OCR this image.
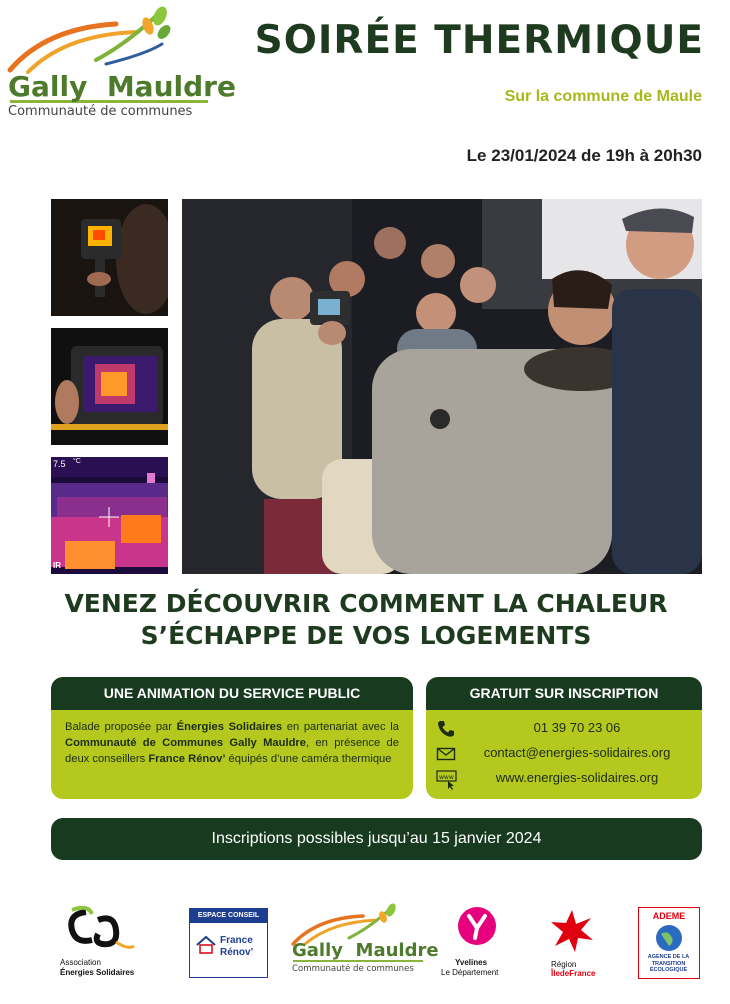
Gally  Mauldre
Communauté de communes
SOIRÉE THERMIQUE
Sur la commune de Maule
Le 23/01/2024 de 19h à 20h30
7.5 °C
IR
VENEZ DÉCOUVRIR COMMENT LA CHALEUR
S’ÉCHAPPE DE VOS LOGEMENTS
UNE ANIMATION DU SERVICE PUBLIC

Balade proposée par Énergies Solidaires en partenariat avec la Communauté de Communes Gally Mauldre, en présence de deux conseillers France Rénov’ équipés d’une caméra thermique

GRATUIT SUR INSCRIPTION
01 39 70 23 06
contact@energies-solidaires.org
www	www.energies-solidaires.org
Inscriptions possibles jusqu’au 15 janvier 2024
Association
Énergies Solidaires
ESPACE CONSEIL
France
Rénov’ Gally  Mauldre
Communauté de communes
Yvelines
Le Département
Région
ÎledeFrance
ADEME
AGENCE DE LA
TRANSITION
ÉCOLOGIQUE
